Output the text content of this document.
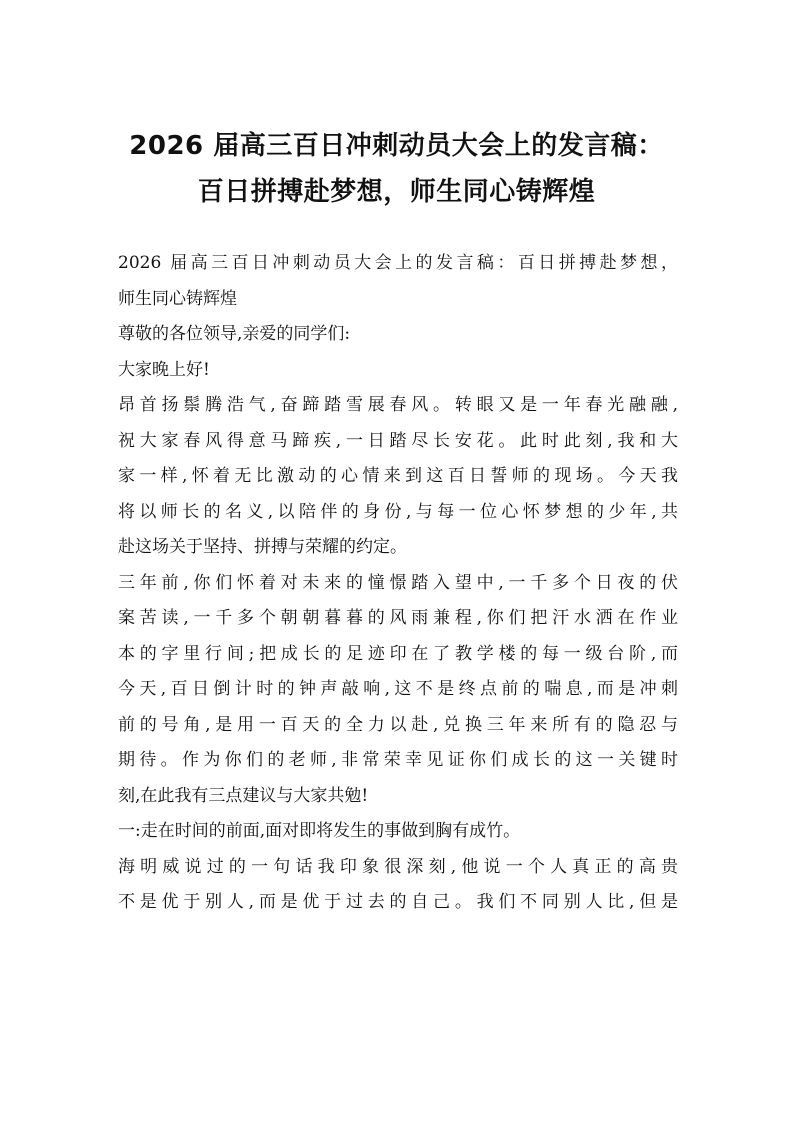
2026 届高三百日冲刺动员大会上的发言稿：
百日拼搏赴梦想，师生同心铸辉煌
2026 届高三百日冲刺动员大会上的发言稿：百日拼搏赴梦想，
师生同心铸辉煌
尊敬的各位领导,亲爱的同学们:
大家晚上好!
昂首扬鬃腾浩气,奋蹄踏雪展春风。转眼又是一年春光融融,
祝大家春风得意马蹄疾,一日踏尽长安花。此时此刻,我和大
家一样,怀着无比激动的心情来到这百日誓师的现场。今天我
将以师长的名义,以陪伴的身份,与每一位心怀梦想的少年,共
赴这场关于坚持、拼搏与荣耀的约定。
三年前,你们怀着对未来的憧憬踏入望中,一千多个日夜的伏
案苦读,一千多个朝朝暮暮的风雨兼程,你们把汗水洒在作业
本的字里行间;把成长的足迹印在了教学楼的每一级台阶,而
今天,百日倒计时的钟声敲响,这不是终点前的喘息,而是冲刺
前的号角,是用一百天的全力以赴,兑换三年来所有的隐忍与
期待。作为你们的老师,非常荣幸见证你们成长的这一关键时
刻,在此我有三点建议与大家共勉!
一:走在时间的前面,面对即将发生的事做到胸有成竹。
海明威说过的一句话我印象很深刻,他说一个人真正的高贵
不是优于别人,而是优于过去的自己。我们不同别人比,但是
